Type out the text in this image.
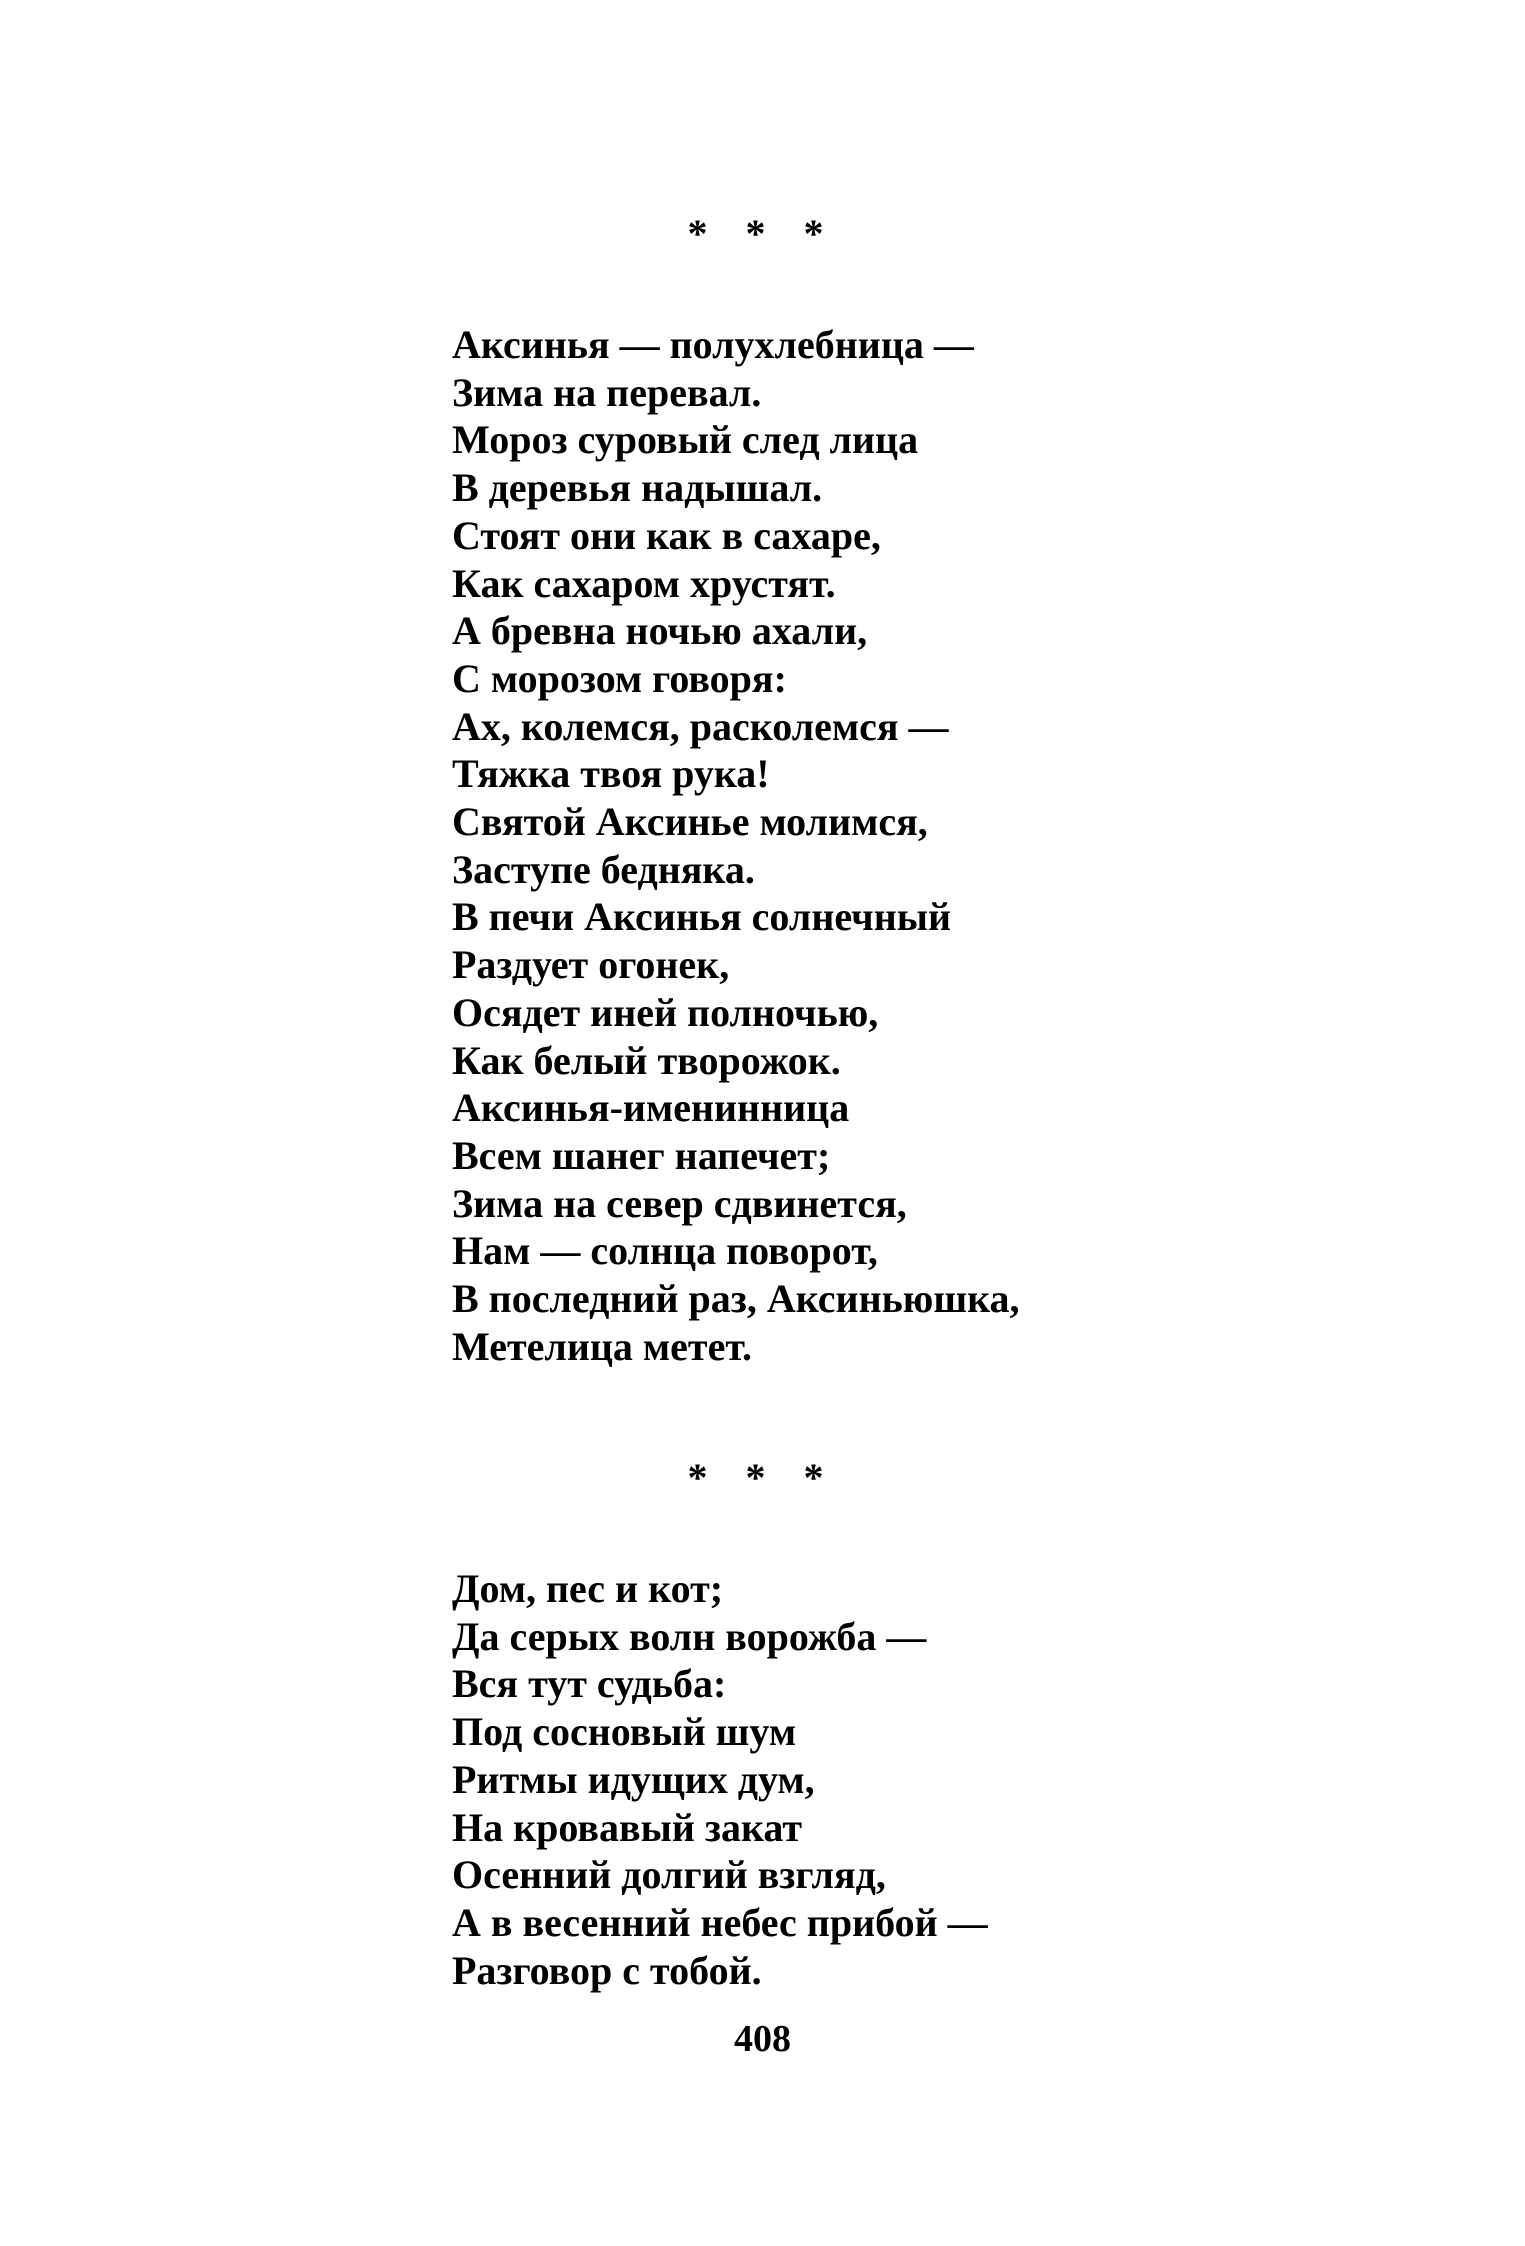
* * *
Аксинья — полухлебница —
Зима на перевал.
Мороз суровый след лица
В деревья надышал.
Стоят они как в сахаре,
Как сахаром хрустят.
А бревна ночью ахали,
С морозом говоря:
Ах, колемся, расколемся —
Тяжка твоя рука!
Святой Аксинье молимся,
Заступе бедняка.
В печи Аксинья солнечный
Раздует огонек,
Осядет иней полночью,
Как белый творожок.
Аксинья-именинница
Всем шанег напечет;
Зима на север сдвинется,
Нам — солнца поворот,
В последний раз, Аксиньюшка,
Метелица метет.
* * *
Дом, пес и кот;
Да серых волн ворожба —
Вся тут судьба:
Под сосновый шум
Ритмы идущих дум,
На кровавый закат
Осенний долгий взгляд,
А в весенний небес прибой —
Разговор с тобой.
408
